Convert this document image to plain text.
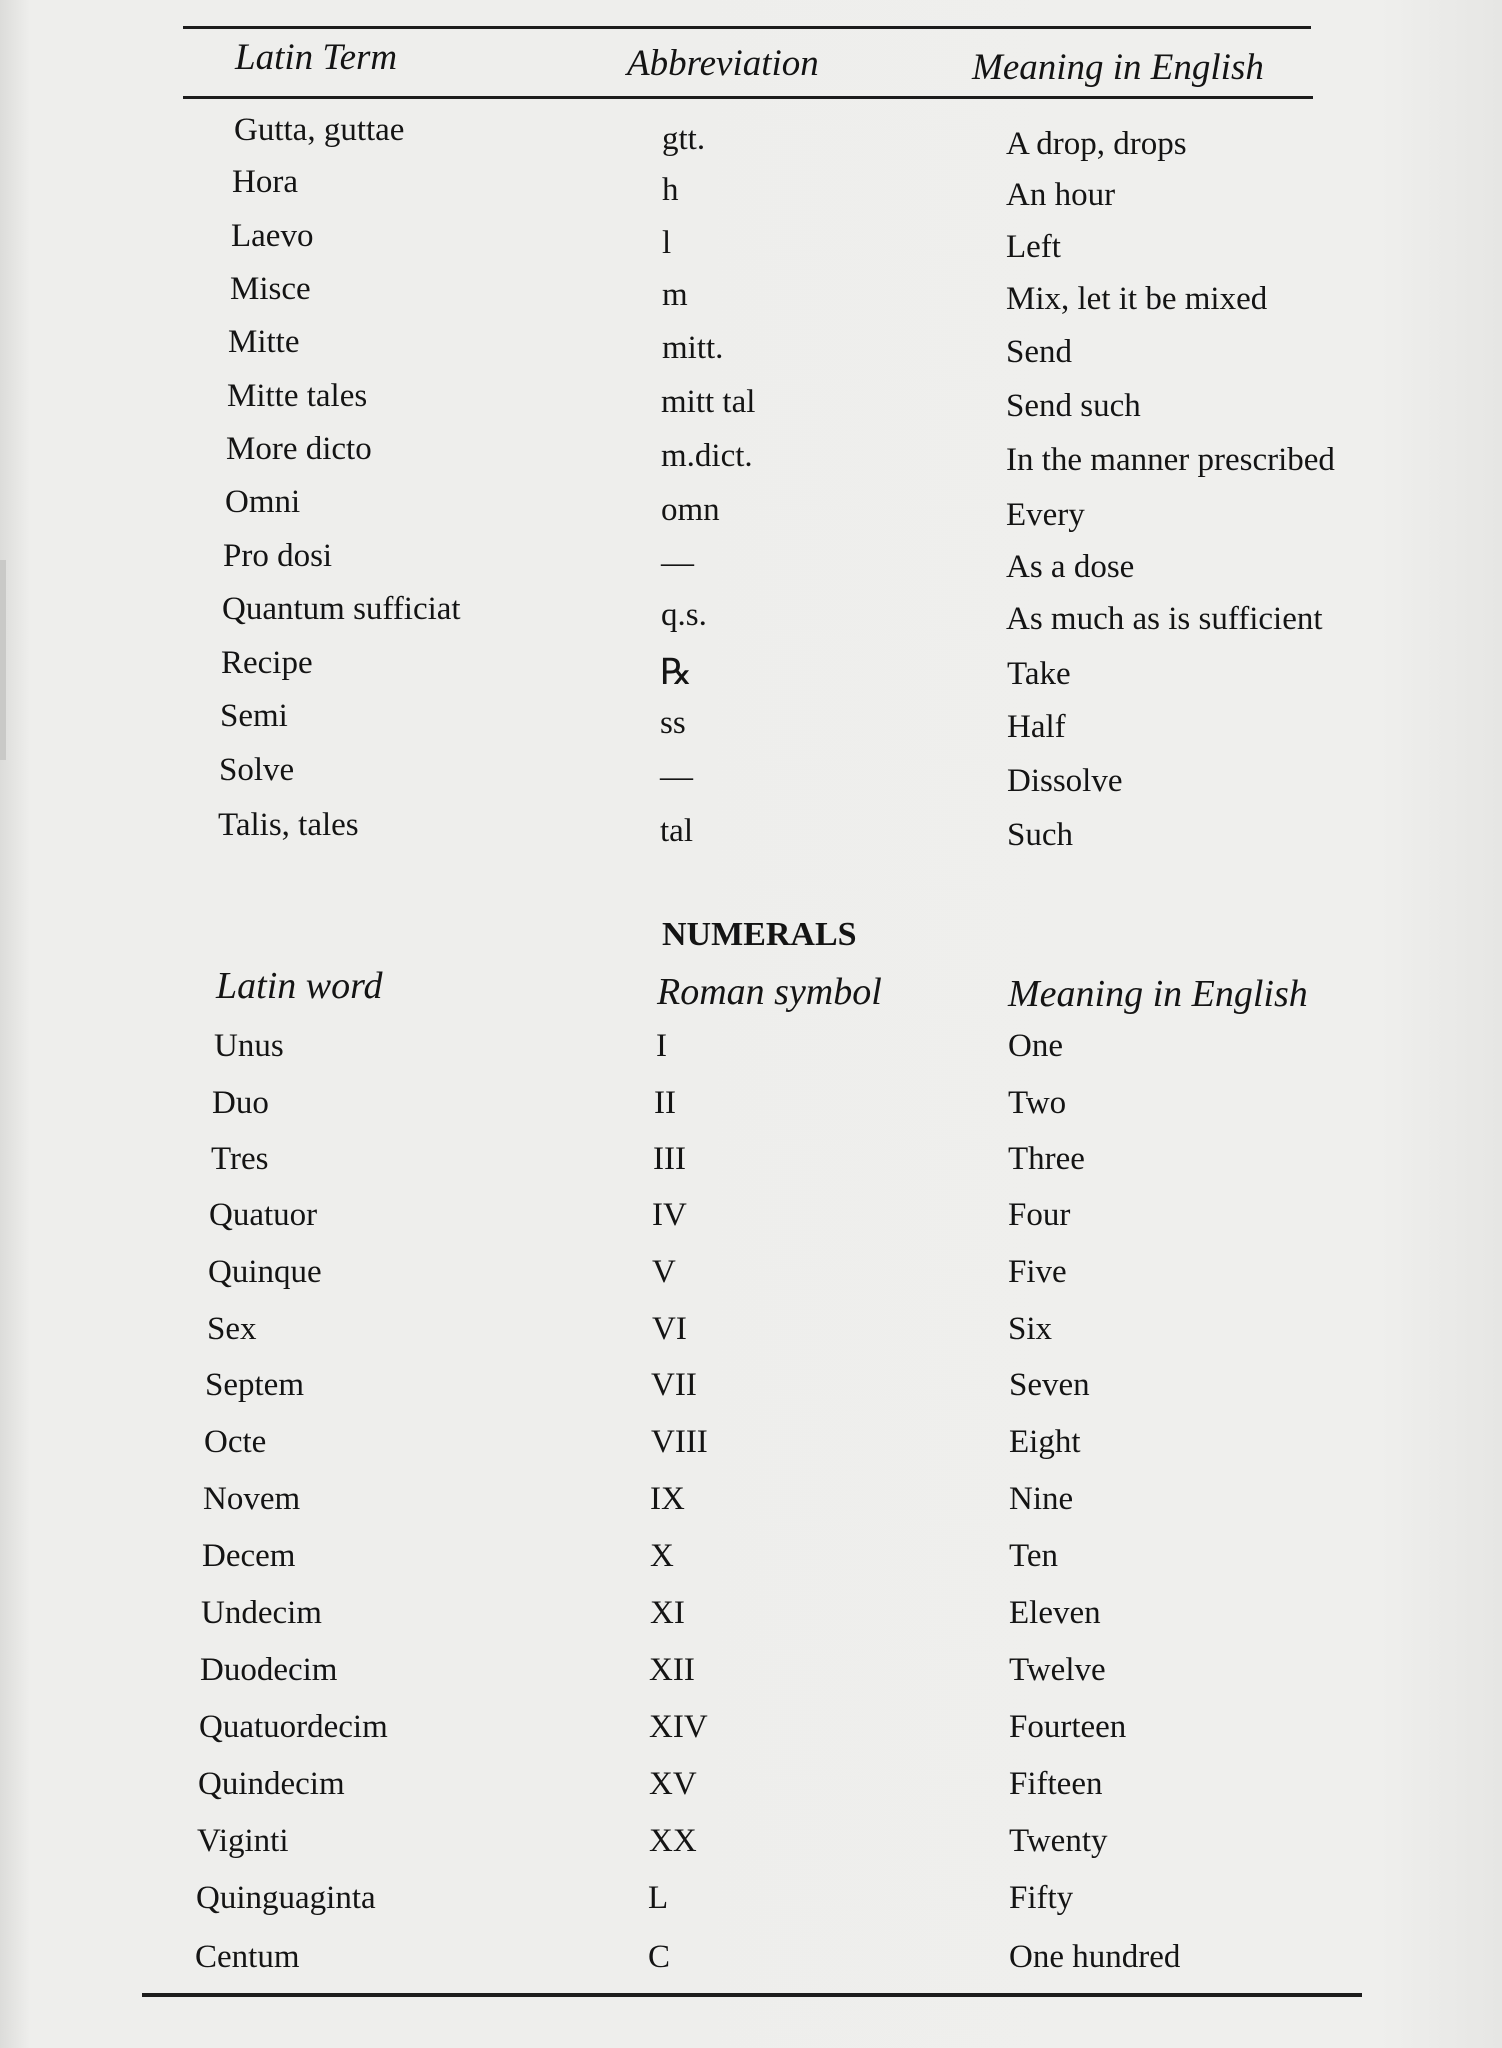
Latin Term	Abbreviation	Meaning in English
Gutta, guttae	gtt.	A drop, drops
Hora	h	An hour
Laevo	l	Left
Misce	m	Mix, let it be mixed
Mitte	mitt.	Send
Mitte tales	mitt tal	Send such
More dicto	m.dict.	In the manner prescribed
Omni	omn	Every
Pro dosi	—	As a dose
Quantum sufficiat	q.s.	As much as is sufficient
Recipe	℞	Take
Semi	ss	Half
Solve	—	Dissolve
Talis, tales	tal	Such
NUMERALS
Latin word	Roman symbol	Meaning in English
Unus	I	One
Duo	II	Two
Tres	III	Three
Quatuor	IV	Four
Quinque	V	Five
Sex	VI	Six
Septem	VII	Seven
Octe	VIII	Eight
Novem	IX	Nine
Decem	X	Ten
Undecim	XI	Eleven
Duodecim	XII	Twelve
Quatuordecim	XIV	Fourteen
Quindecim	XV	Fifteen
Viginti	XX	Twenty
Quinguaginta	L	Fifty
Centum	C	One hundred
